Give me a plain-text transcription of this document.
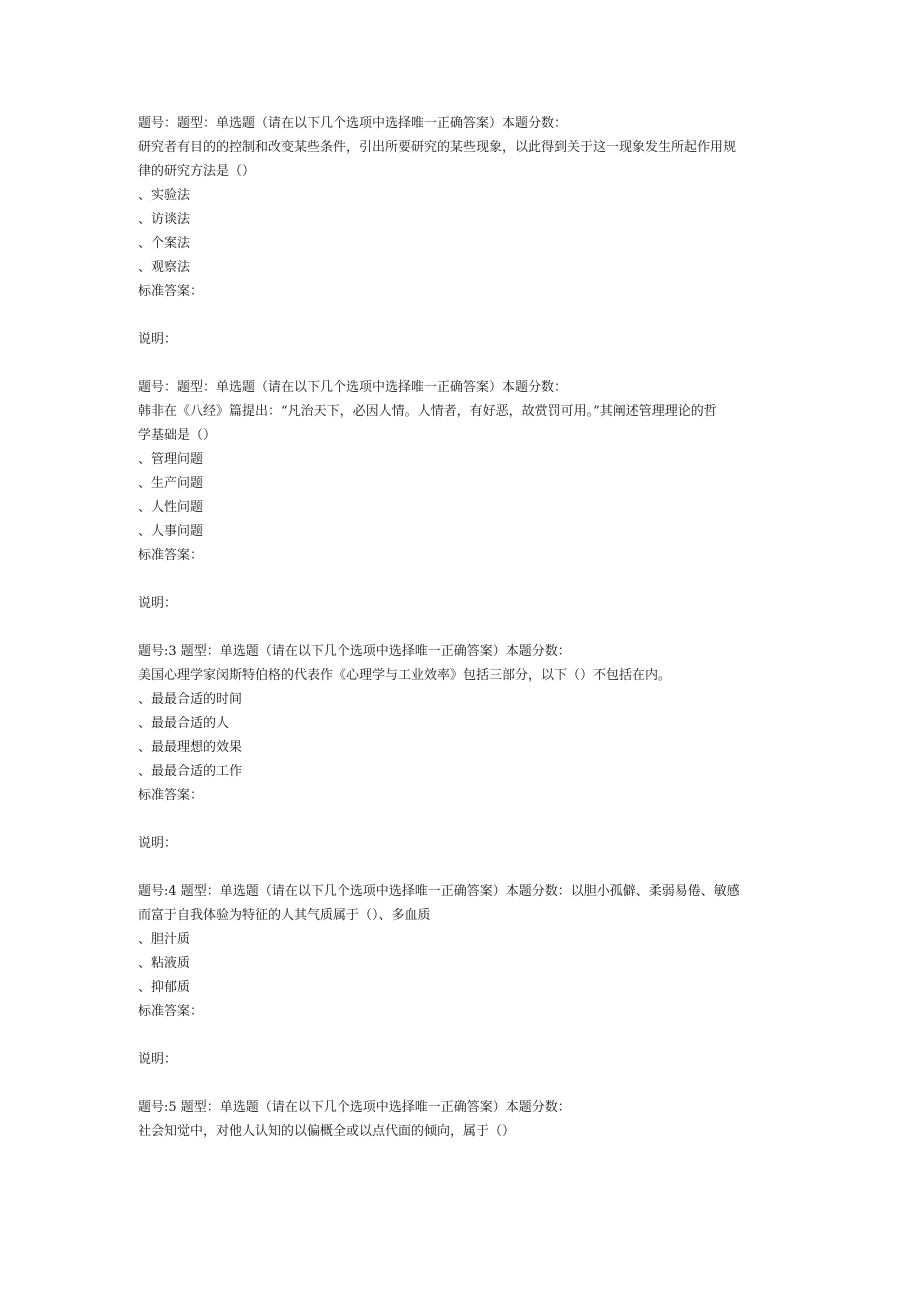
题号：题型：单选题（请在以下几个选项中选择唯一正确答案）本题分数：
研究者有目的的控制和改变某些条件，引出所要研究的某些现象，以此得到关于这一现象发生所起作用规
律的研究方法是（）
、实验法
、访谈法
、个案法
、观察法
标准答案：
说明：
题号：题型：单选题（请在以下几个选项中选择唯一正确答案）本题分数：
韩非在《八经》篇提出：“凡治天下，必因人情。人情者，有好恶，故赏罚可用。”其阐述管理理论的哲
学基础是（）
、管理问题
、生产问题
、人性问题
、人事问题
标准答案：
说明：
题号:3 题型：单选题（请在以下几个选项中选择唯一正确答案）本题分数：
美国心理学家闵斯特伯格的代表作《心理学与工业效率》包括三部分，以下（）不包括在内。
、最最合适的时间
、最最合适的人
、最最理想的效果
、最最合适的工作
标准答案：
说明：
题号:4 题型：单选题（请在以下几个选项中选择唯一正确答案）本题分数：以胆小孤僻、柔弱易倦、敏感
而富于自我体验为特征的人其气质属于（）、多血质
、胆汁质
、粘液质
、抑郁质
标准答案：
说明：
题号:5 题型：单选题（请在以下几个选项中选择唯一正确答案）本题分数：
社会知觉中，对他人认知的以偏概全或以点代面的倾向，属于（）
